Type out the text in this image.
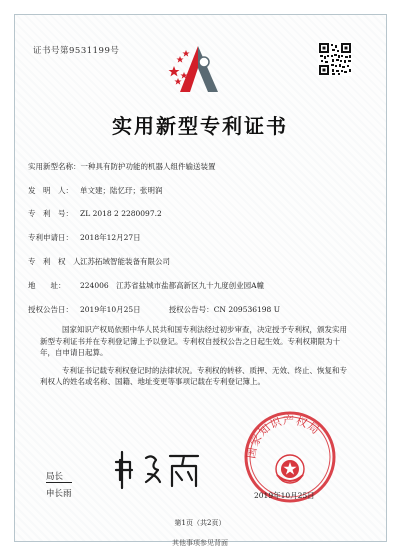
证书号第9531199号
实用新型专利证书
实用新型名称：一种具有防护功能的机器人组件输送装置
发　明　人： 单文建；陆忆玗；张明润
专　利　号： ZL 2018 2 2280097.2
专利申请日： 2018年12月27日
专　利　权　人：江苏拓域智能装备有限公司
地　　址： 224006　江苏省盐城市盐都高新区九十九度创业园A幢
授权公告日： 2019年10月25日	授权公告号：CN 209536198 U

国家知识产权局依照中华人民共和国专利法经过初步审查，决定授予专利权，颁发实用新型专利证书并在专利登记簿上予以登记。专利权自授权公告之日起生效。专利权期限为十年，自申请日起算。

专利证书记载专利权登记时的法律状况。专利权的转移、质押、无效、终止、恢复和专利权人的姓名或名称、国籍、地址变更等事项记载在专利登记簿上。

局长
申长雨
国家知识产权局
2019年10月25日
第1页（共2页）
其他事项参见背面
